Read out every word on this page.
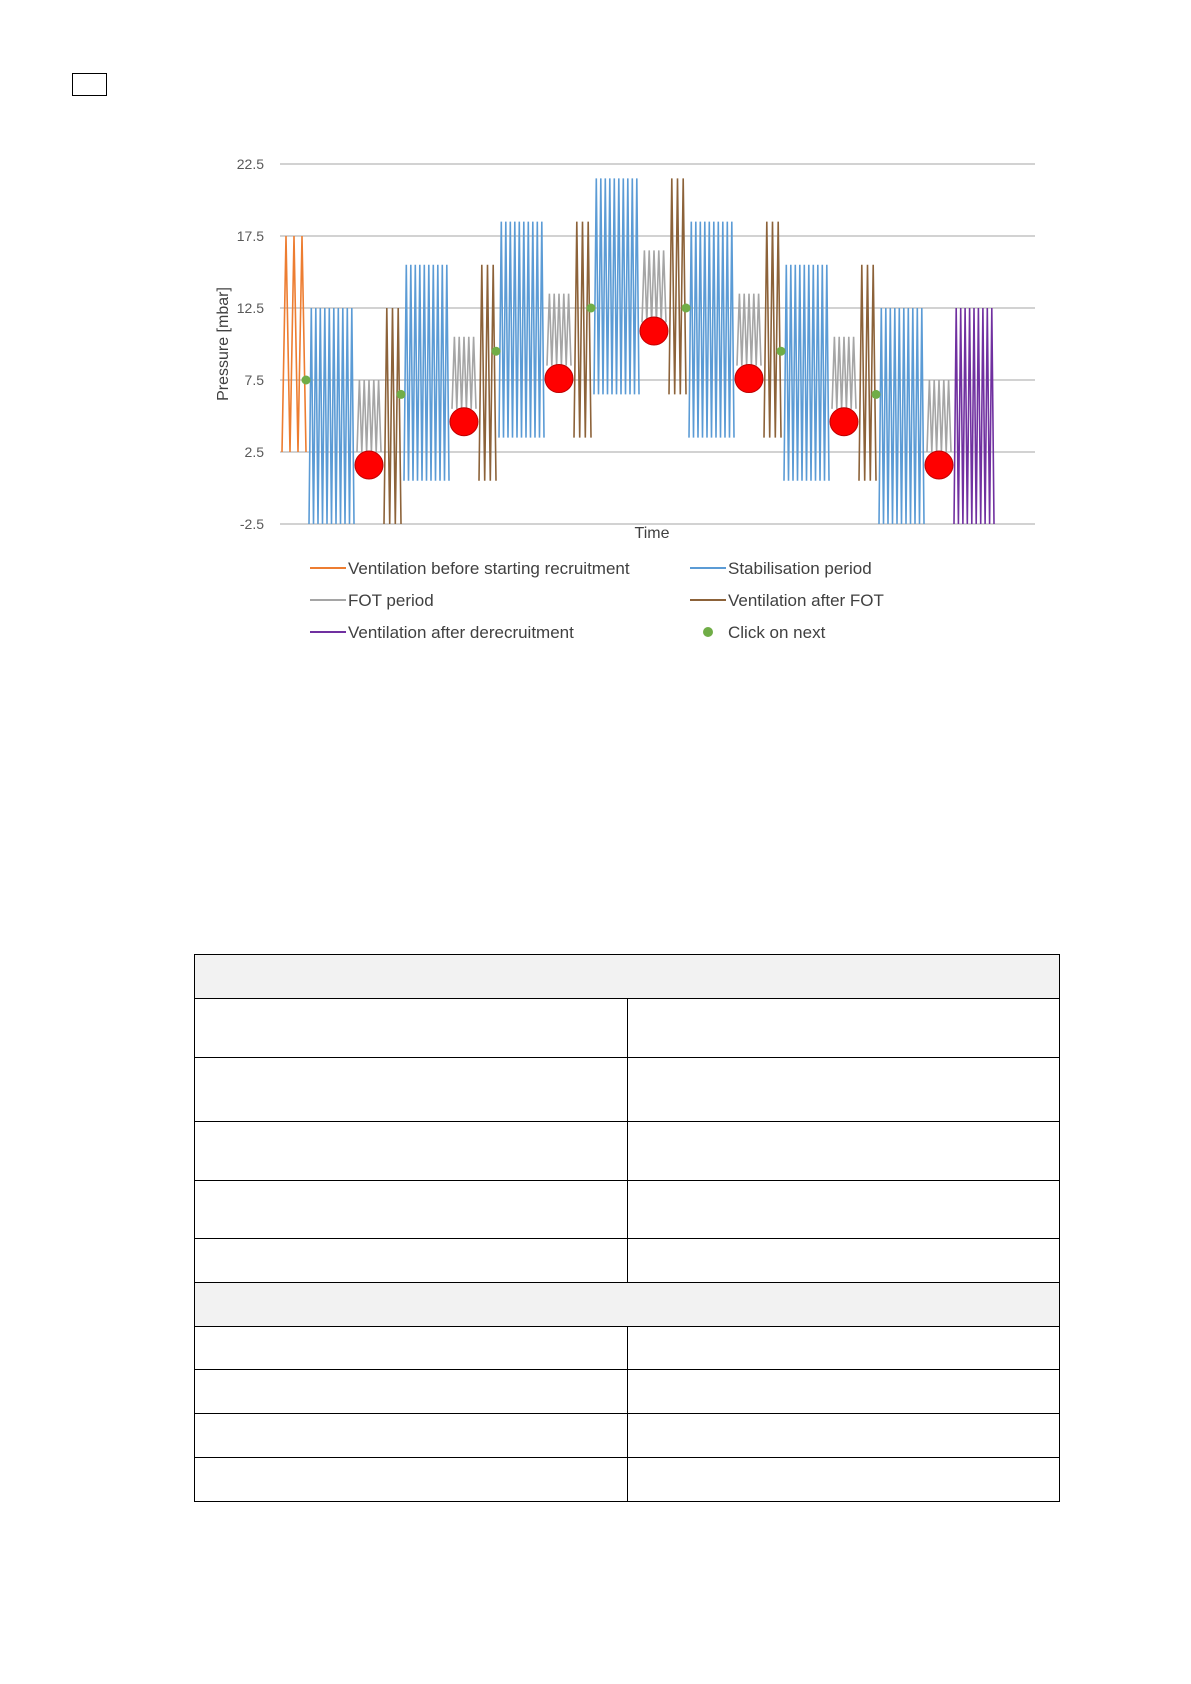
22.5
17.5
12.5
7.5
2.5
-2.5
Time
Pressure [mbar]
Ventilation before starting recruitment	Stabilisation period
FOT period	Ventilation after FOT
Ventilation after derecruitment	Click on next
